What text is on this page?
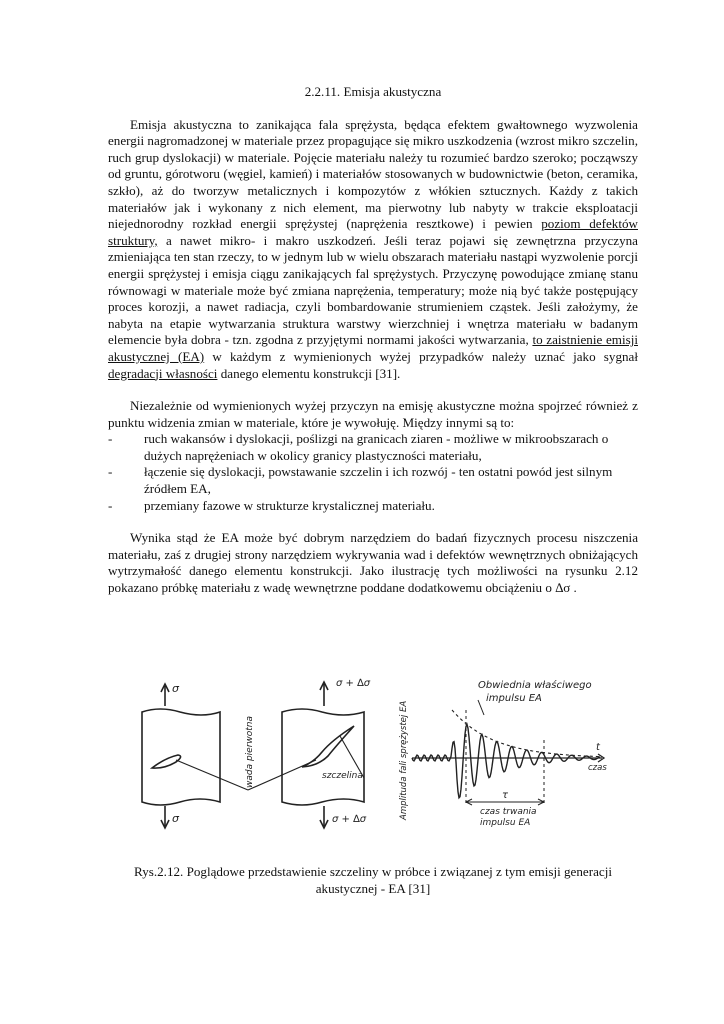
2.2.11. Emisja akustyczna

Emisja akustyczna to zanikająca fala sprężysta, będąca efektem gwałtownego wyzwolenia energii nagromadzonej w materiale przez propagujące się mikro uszkodzenia (wzrost mikro szczelin, ruch grup dyslokacji) w materiale. Pojęcie materiału należy tu rozumieć bardzo szeroko; począwszy od gruntu, górotworu (węgiel, kamień) i materiałów stosowanych w budownictwie (beton, ceramika, szkło), aż do tworzyw metalicznych i kompozytów z włókien sztucznych. Każdy z takich materiałów jak i wykonany z nich element, ma pierwotny lub nabyty w trakcie eksploatacji niejednorodny rozkład energii sprężystej (naprężenia resztkowe) i pewien poziom defektów struktury, a nawet mikro- i makro uszkodzeń. Jeśli teraz pojawi się zewnętrzna przyczyna zmieniająca ten stan rzeczy, to w jednym lub w wielu obszarach materiału nastąpi wyzwolenie porcji energii sprężystej i emisja ciągu zanikających fal sprężystych. Przyczynę powodujące zmianę stanu równowagi w materiale może być zmiana naprężenia, temperatury; może nią być także postępujący proces korozji, a nawet radiacja, czyli bombardowanie strumieniem cząstek. Jeśli założymy, że nabyta na etapie wytwarzania struktura warstwy wierzchniej i wnętrza materiału w badanym elemencie była dobra - tzn. zgodna z przyjętymi normami jakości wytwarzania, to zaistnienie emisji akustycznej (EA) w każdym z wymienionych wyżej przypadków należy uznać jako sygnał degradacji własności danego elementu konstrukcji [31].

Niezależnie od wymienionych wyżej przyczyn na emisję akustyczne można spojrzeć również z punktu widzenia zmian w materiale, które je wywołuję. Między innymi są to:

- ruch wakansów i dyslokacji, poślizgi na granicach ziaren - możliwe w mikroobszarach o dużych naprężeniach w okolicy granicy plastyczności materiału,
- łączenie się dyslokacji, powstawanie szczelin i ich rozwój - ten ostatni powód jest silnym źródłem EA,
- przemiany fazowe w strukturze krystalicznej materiału.

Wynika stąd że EA może być dobrym narzędziem do badań fizycznych procesu niszczenia materiału, zaś z drugiej strony narzędziem wykrywania wad i defektów wewnętrznych obniżających wytrzymałość danego elementu konstrukcji. Jako ilustrację tych możliwości na rysunku 2.12 pokazano próbkę materiału z wadę wewnętrzne poddane dodatkowemu obciążeniu o ∆σ .

σ
σ
σ + ∆σ
σ + ∆σ
wada pierwotna	szczelina	Amplituda fali sprężystej EA
Obwiednia właściwego
impulsu EA
t
czas
τ
czas trwania
impulsu EA
Rys.2.12. Poglądowe przedstawienie szczeliny w próbce i związanej z tym emisji generacji akustycznej - EA [31]
